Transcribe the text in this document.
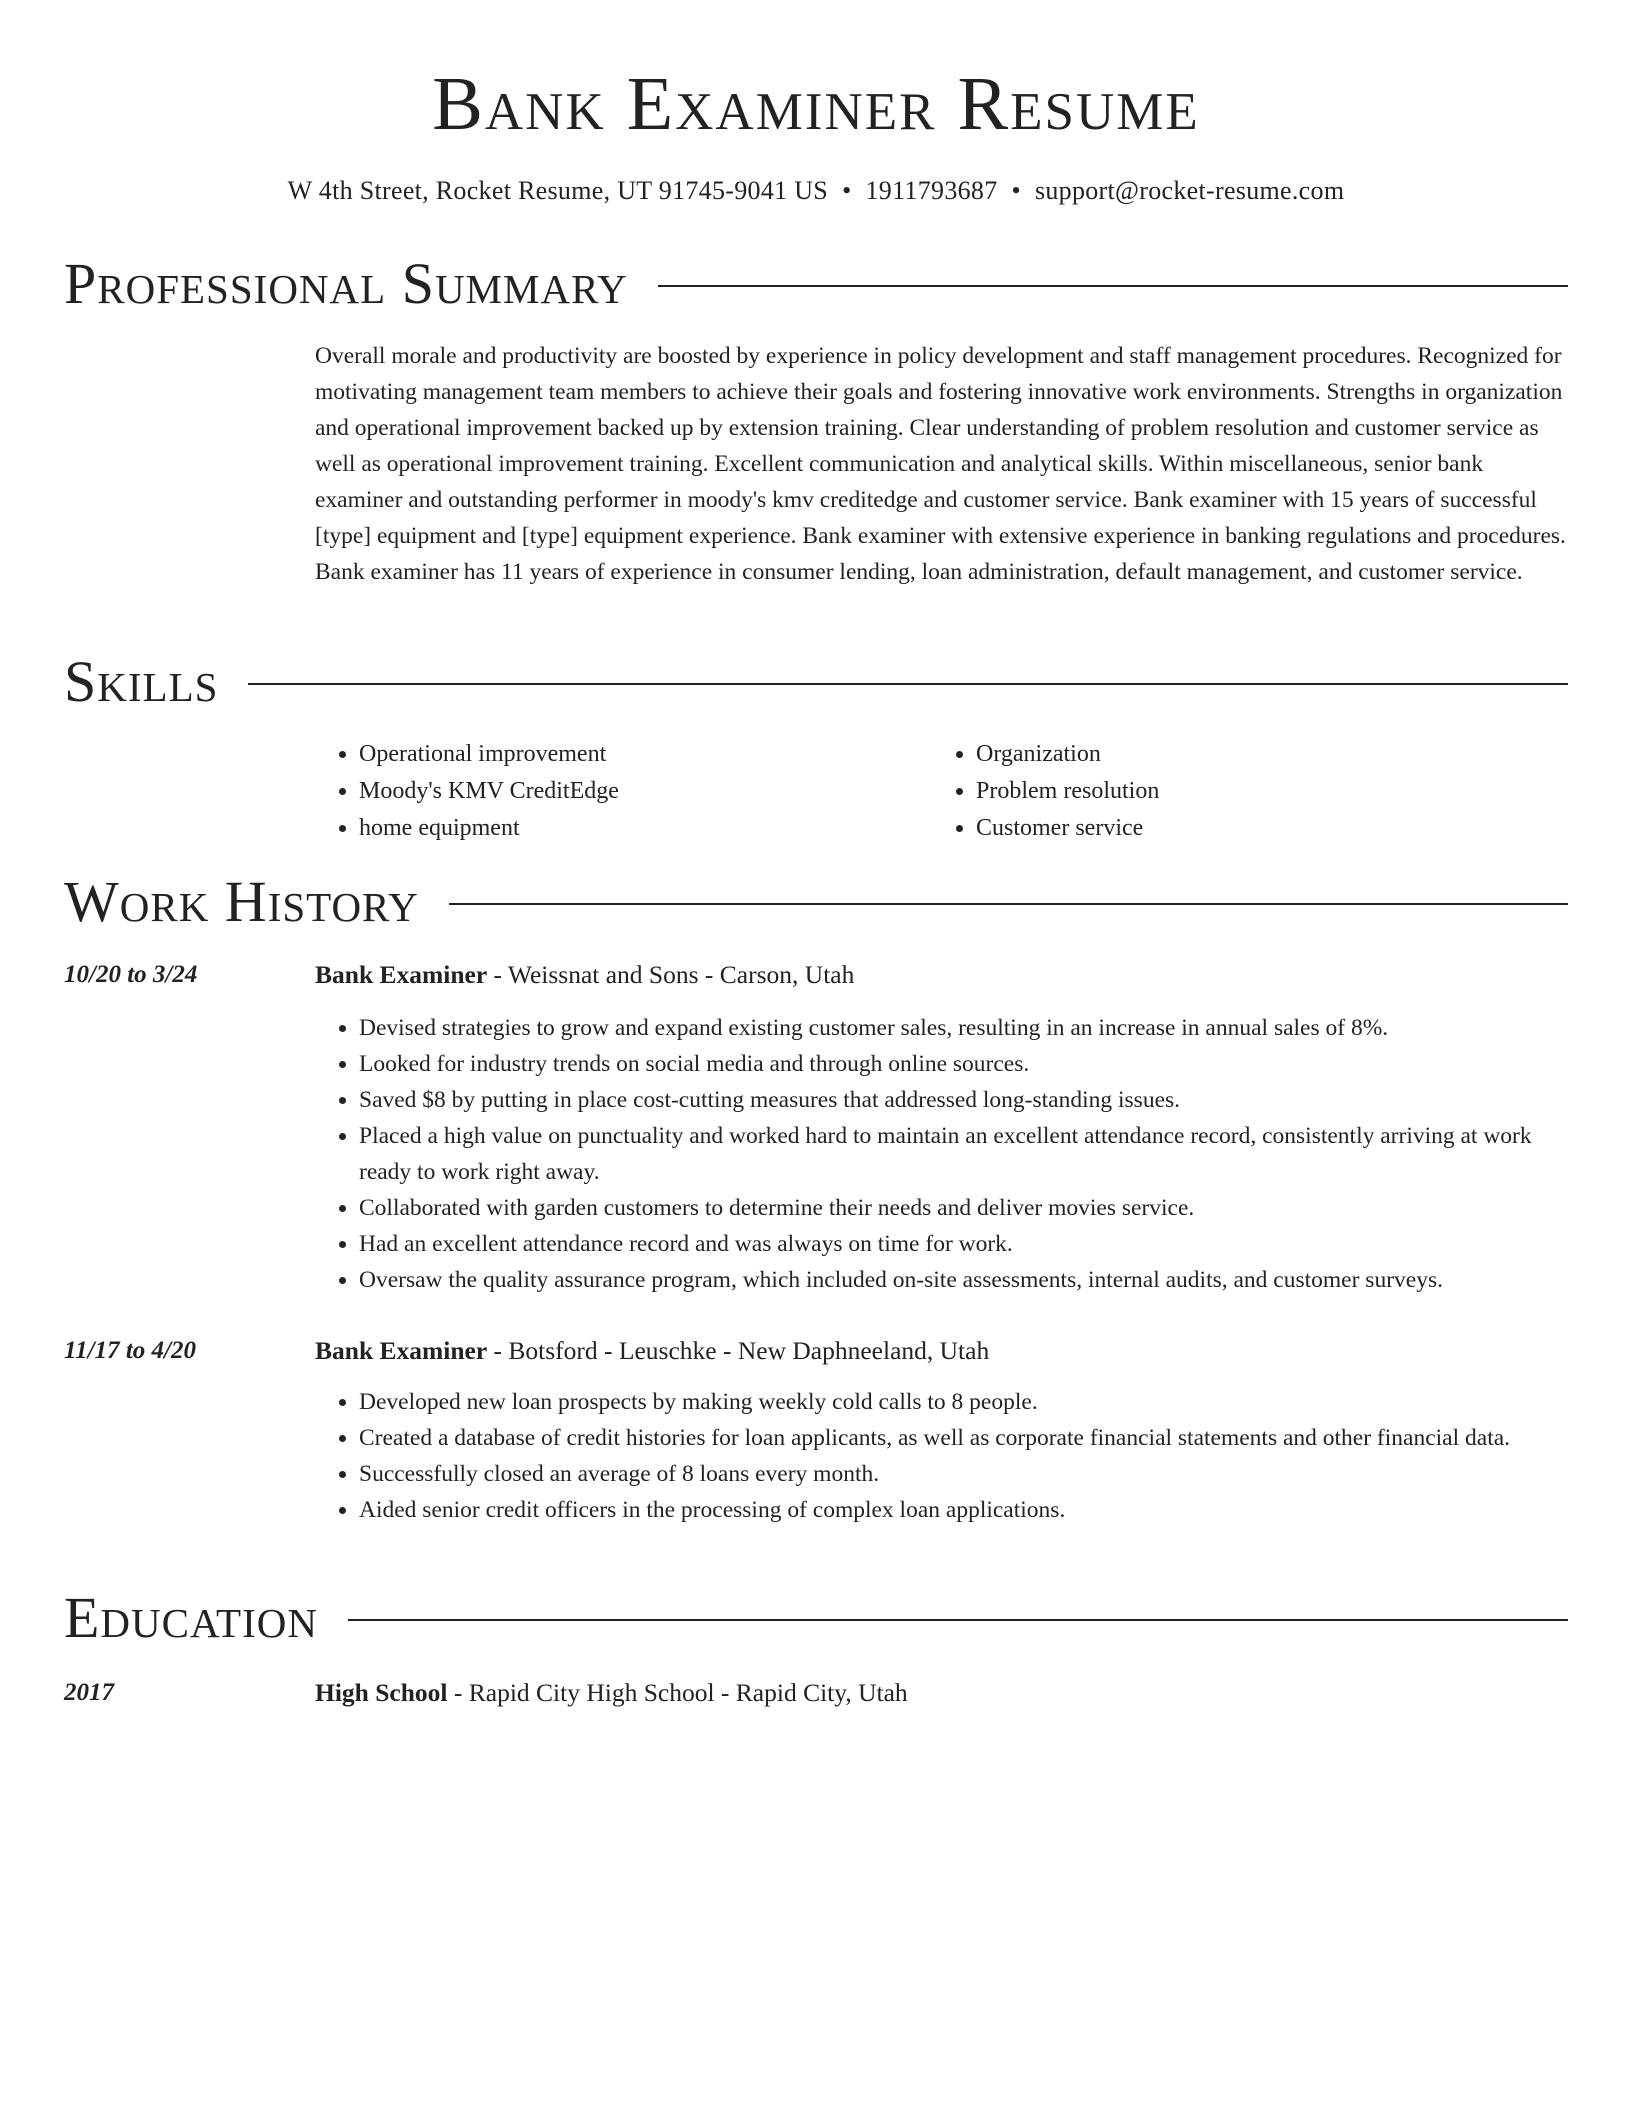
Bank Examiner Resume
W 4th Street, Rocket Resume, UT 91745-9041 US • 1911793687 • support@rocket-resume.com
Professional Summary

Overall morale and productivity are boosted by experience in policy development and staff management procedures. Recognized for motivating management team members to achieve their goals and fostering innovative work environments. Strengths in organization and operational improvement backed up by extension training. Clear understanding of problem resolution and customer service as well as operational improvement training. Excellent communication and analytical skills. Within miscellaneous, senior bank examiner and outstanding performer in moody's kmv creditedge and customer service. Bank examiner with 15 years of successful [type] equipment and [type] equipment experience. Bank examiner with extensive experience in banking regulations and procedures. Bank examiner has 11 years of experience in consumer lending, loan administration, default management, and customer service.

Skills
• Operational improvement
• Moody's KMV CreditEdge
• home equipment
• Organization
• Problem resolution
• Customer service
Work History
10/20 to 3/24	Bank Examiner - Weissnat and Sons - Carson, Utah
• Devised strategies to grow and expand existing customer sales, resulting in an increase in annual sales of 8%.
• Looked for industry trends on social media and through online sources.
• Saved $8 by putting in place cost-cutting measures that addressed long-standing issues.
• Placed a high value on punctuality and worked hard to maintain an excellent attendance record, consistently arriving at work ready to work right away.
• Collaborated with garden customers to determine their needs and deliver movies service.
• Had an excellent attendance record and was always on time for work.
• Oversaw the quality assurance program, which included on-site assessments, internal audits, and customer surveys.
11/17 to 4/20	Bank Examiner - Botsford - Leuschke - New Daphneeland, Utah
• Developed new loan prospects by making weekly cold calls to 8 people.
• Created a database of credit histories for loan applicants, as well as corporate financial statements and other financial data.
• Successfully closed an average of 8 loans every month.
• Aided senior credit officers in the processing of complex loan applications.
Education
2017	High School - Rapid City High School - Rapid City, Utah
